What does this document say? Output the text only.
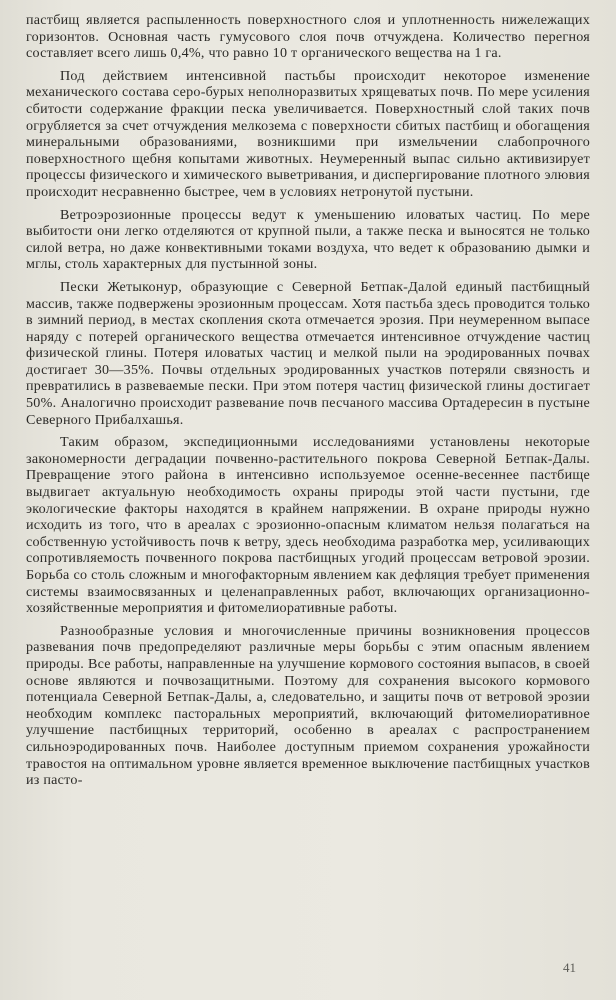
пастбищ является распыленность поверхностного слоя и уплотненность нижележащих горизонтов. Основная часть гумусового слоя почв отчуждена. Количество перегноя составляет всего лишь 0,4%, что равно 10 т органического вещества на 1 га.

Под действием интенсивной пастьбы происходит некоторое изменение механического состава серо-бурых неполноразвитых хрящеватых почв. По мере усиления сбитости содержание фракции песка увеличивается. Поверхностный слой таких почв огрубляется за счет отчуждения мелкозема с поверхности сбитых пастбищ и обогащения минеральными образованиями, возникшими при измельчении слабопрочного поверхностного щебня копытами животных. Неумеренный выпас сильно активизирует процессы физического и химического выветривания, и диспергирование плотного элювия происходит несравненно быстрее, чем в условиях нетронутой пустыни.

Ветроэрозионные процессы ведут к уменьшению иловатых частиц. По мере выбитости они легко отделяются от крупной пыли, а также песка и выносятся не только силой ветра, но даже конвективными токами воздуха, что ведет к образованию дымки и мглы, столь характерных для пустынной зоны.

Пески Жетыконур, образующие с Северной Бетпак-Далой единый пастбищный массив, также подвержены эрозионным процессам. Хотя пастьба здесь проводится только в зимний период, в местах скопления скота отмечается эрозия. При неумеренном выпасе наряду с потерей органического вещества отмечается интенсивное отчуждение частиц физической глины. Потеря иловатых частиц и мелкой пыли на эродированных почвах достигает 30—35%. Почвы отдельных эродированных участков потеряли связность и превратились в развеваемые пески. При этом потеря частиц физической глины достигает 50%. Аналогично происходит развевание почв песчаного массива Ортадересин в пустыне Северного Прибалхашья.

Таким образом, экспедиционными исследованиями установлены некоторые закономерности деградации почвенно-растительного покрова Северной Бетпак-Далы. Превращение этого района в интенсивно используемое осенне-весеннее пастбище выдвигает актуальную необходимость охраны природы этой части пустыни, где экологические факторы находятся в крайнем напряжении. В охране природы нужно исходить из того, что в ареалах с эрозионно-опасным климатом нельзя полагаться на собственную устойчивость почв к ветру, здесь необходима разработка мер, усиливающих сопротивляемость почвенного покрова пастбищных угодий процессам ветровой эрозии. Борьба со столь сложным и многофакторным явлением как дефляция требует применения системы взаимосвязанных и целенаправленных работ, включающих организационно-хозяйственные мероприятия и фитомелиоративные работы.

Разнообразные условия и многочисленные причины возникновения процессов развевания почв предопределяют различные меры борьбы с этим опасным явлением природы. Все работы, направленные на улучшение кормового состояния выпасов, в своей основе являются и почвозащитными. Поэтому для сохранения высокого кормового потенциала Северной Бетпак-Далы, а, следовательно, и защиты почв от ветровой эрозии необходим комплекс пасторальных мероприятий, включающий фитомелиоративное улучшение пастбищных территорий, особенно в ареалах с распространением сильноэродированных почв. Наиболее доступным приемом сохранения урожайности травостоя на оптимальном уровне является временное выключение пастбищных участков из пасто-

41
